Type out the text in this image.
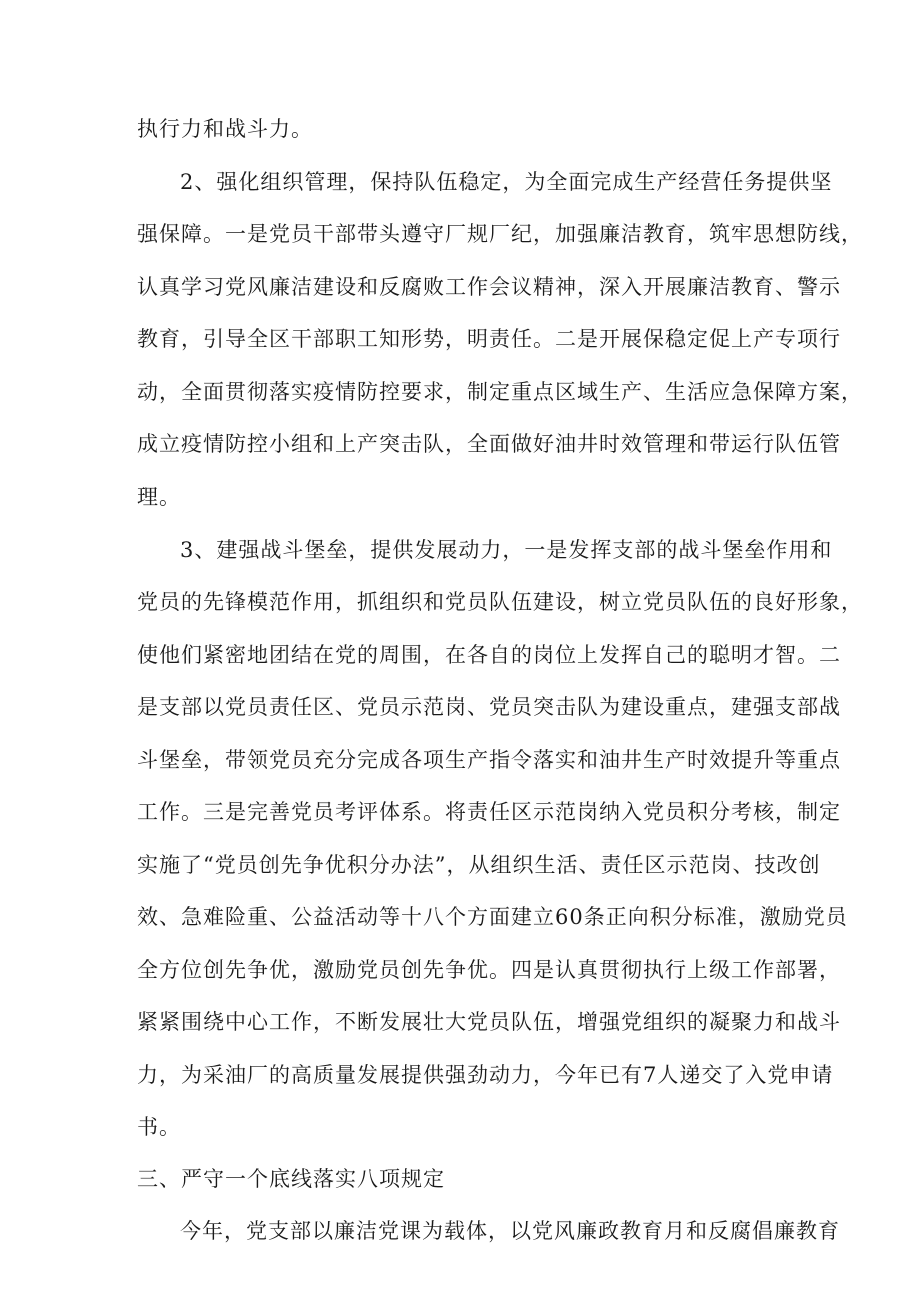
执行力和战斗力。
2、强化组织管理，保持队伍稳定，为全面完成生产经营任务提供坚
强保障。一是党员干部带头遵守厂规厂纪，加强廉洁教育，筑牢思想防线，
认真学习党风廉洁建设和反腐败工作会议精神，深入开展廉洁教育、警示
教育，引导全区干部职工知形势，明责任。二是开展保稳定促上产专项行
动，全面贯彻落实疫情防控要求，制定重点区域生产、生活应急保障方案，
成立疫情防控小组和上产突击队，全面做好油井时效管理和带运行队伍管
理。
3、建强战斗堡垒，提供发展动力，一是发挥支部的战斗堡垒作用和
党员的先锋模范作用，抓组织和党员队伍建设，树立党员队伍的良好形象，
使他们紧密地团结在党的周围，在各自的岗位上发挥自己的聪明才智。二
是支部以党员责任区、党员示范岗、党员突击队为建设重点，建强支部战
斗堡垒，带领党员充分完成各项生产指令落实和油井生产时效提升等重点
工作。三是完善党员考评体系。将责任区示范岗纳入党员积分考核，制定
实施了“党员创先争优积分办法”，从组织生活、责任区示范岗、技改创
效、急难险重、公益活动等十八个方面建立60条正向积分标准，激励党员
全方位创先争优，激励党员创先争优。四是认真贯彻执行上级工作部署，
紧紧围绕中心工作，不断发展壮大党员队伍，增强党组织的凝聚力和战斗
力，为采油厂的高质量发展提供强劲动力，今年已有7人递交了入党申请
书。
三、严守一个底线落实八项规定
今年，党支部以廉洁党课为载体，以党风廉政教育月和反腐倡廉教育
